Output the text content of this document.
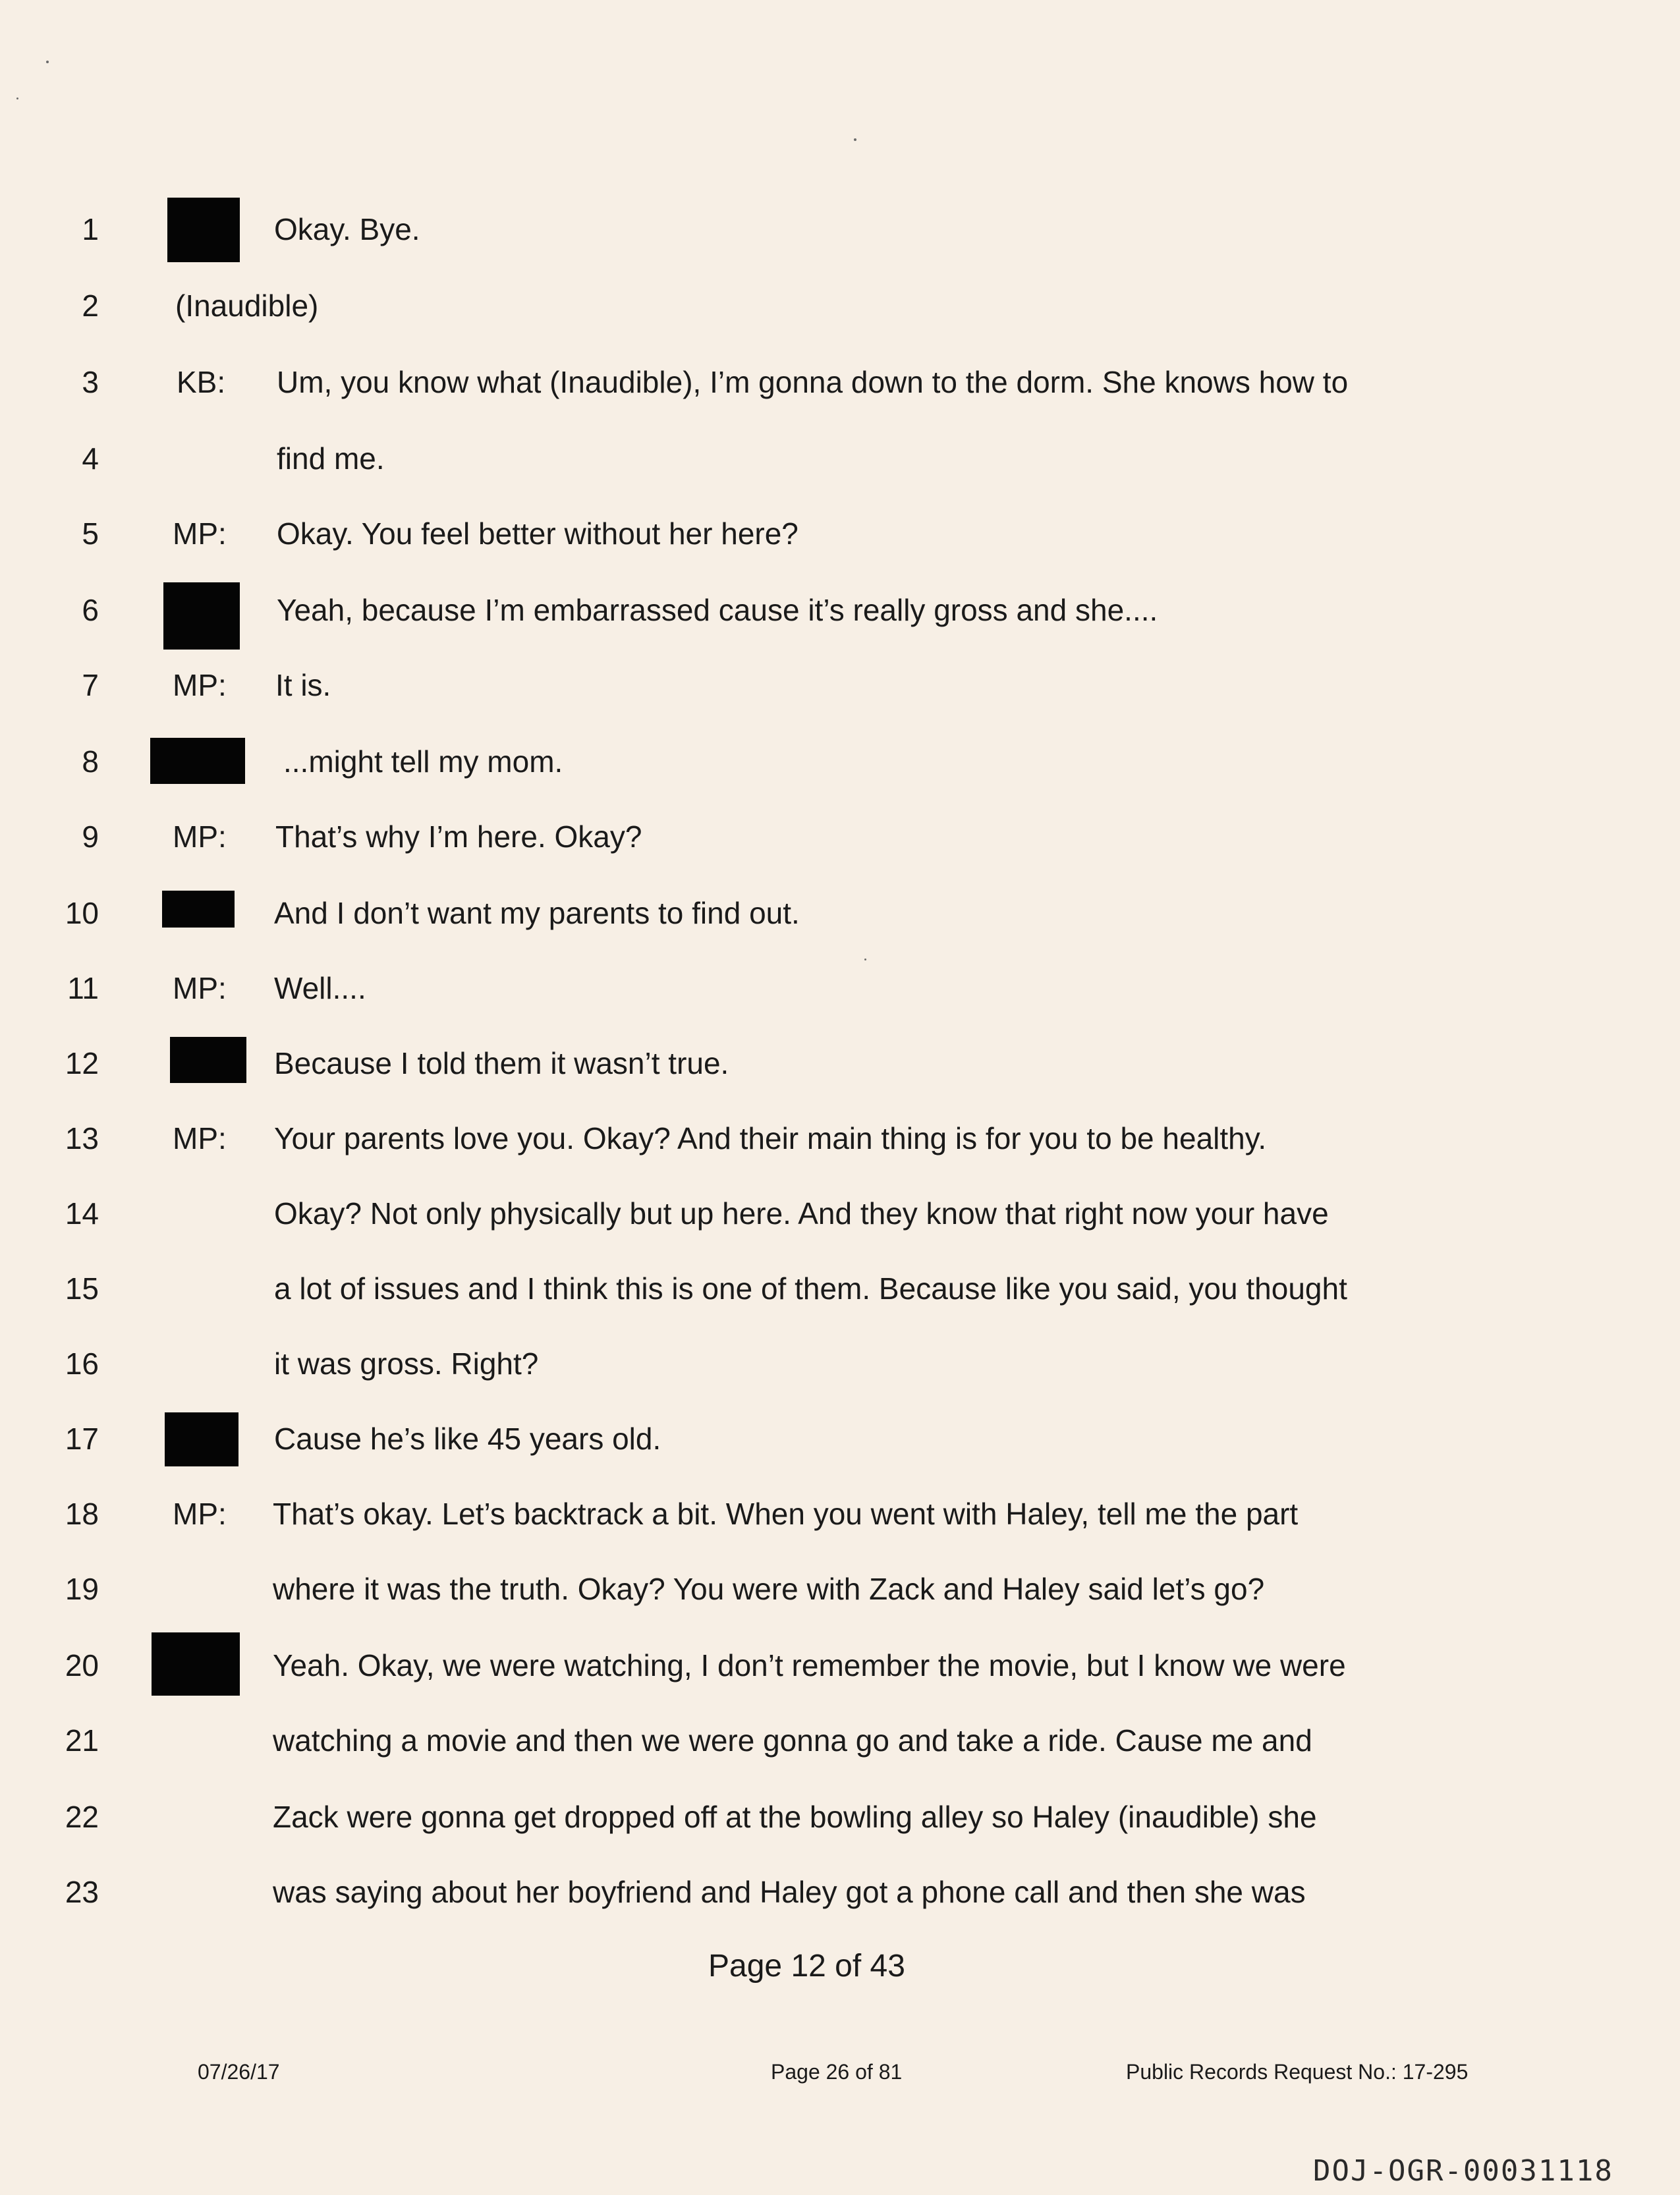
1	Okay. Bye.
2	(Inaudible)
3	KB: Um, you know what (Inaudible), I’m gonna down to the dorm. She knows how to
4	find me.
5 MP: Okay. You feel better without her here?
6	Yeah, because I’m embarrassed cause it’s really gross and she....
7 MP: It is.
8	...might tell my mom.
9 MP: That’s why I’m here. Okay?
10	And I don’t want my parents to find out.
11 MP: Well....
12	Because I told them it wasn’t true.
13 MP: Your parents love you. Okay? And their main thing is for you to be healthy.
14	Okay? Not only physically but up here. And they know that right now your have
15	a lot of issues and I think this is one of them. Because like you said, you thought
16	it was gross. Right?
17	Cause he’s like 45 years old.
18 MP: That’s okay. Let’s backtrack a bit. When you went with Haley, tell me the part
19	where it was the truth. Okay? You were with Zack and Haley said let’s go?
20	Yeah. Okay, we were watching, I don’t remember the movie, but I know we were
21	watching a movie and then we were gonna go and take a ride. Cause me and
22	Zack were gonna get dropped off at the bowling alley so Haley (inaudible) she
23	was saying about her boyfriend and Haley got a phone call and then she was
Page 12 of 43
07/26/17	Page 26 of 81	Public Records Request No.: 17-295
DOJ-OGR-00031118
